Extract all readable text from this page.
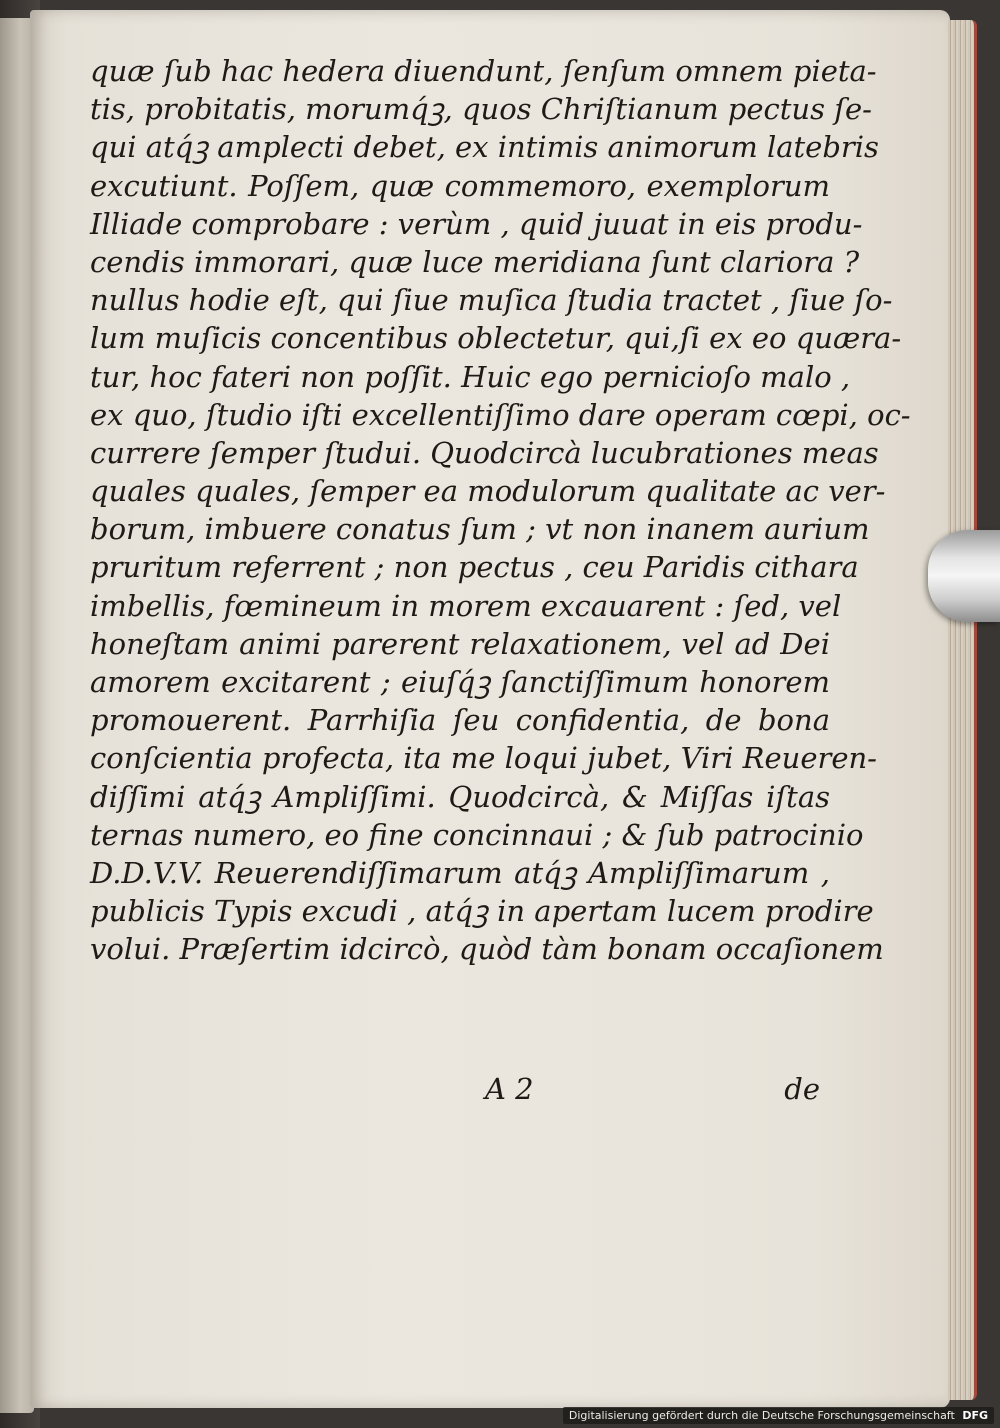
quæ ſub hac hedera diuendunt, ſenſum omnem pieta-
tis, probitatis, morumq́ꝫ, quos Chriſtianum pectus ſe-
qui atq́ꝫ amplecti debet, ex intimis animorum latebris
excutiunt. Poſſem, quæ commemoro, exemplorum
Illiade comprobare : verùm , quid juuat in eis produ-
cendis immorari, quæ luce meridiana ſunt clariora ?
nullus hodie eſt, qui ſiue muſica ſtudia tractet , ſiue ſo-
lum muſicis concentibus oblectetur, qui,ſi ex eo quæra-
tur, hoc fateri non poſſit. Huic ego pernicioſo malo ,
ex quo, ſtudio iſti excellentiſſimo dare operam cœpi, oc-
currere ſemper ſtudui. Quodcircà lucubrationes meas
quales quales, ſemper ea modulorum qualitate ac ver-
borum, imbuere conatus ſum ; vt non inanem aurium
pruritum referrent ; non pectus , ceu Paridis cithara
imbellis, fœmineum in morem excauarent : ſed, vel
honeſtam animi parerent relaxationem, vel ad Dei
amorem excitarent ; eiuſq́ꝫ ſanctiſſimum honorem
promouerent. Parrhiſia ſeu confidentia, de bona
conſcientia profecta, ita me loqui jubet, Viri Reueren-
diſſimi atq́ꝫ Ampliſſimi. Quodcircà, & Miſſas iſtas
ternas numero, eo fine concinnaui ; & ſub patrocinio
D.D.V.V. Reuerendiſſimarum atq́ꝫ Ampliſſimarum ,
publicis Typis excudi , atq́ꝫ in apertam lucem prodire
volui. Præſertim idcircò, quòd tàm bonam occaſionem
A 2	de
Digitalisierung gefördert durch die Deutsche Forschungsgemeinschaft DFG
